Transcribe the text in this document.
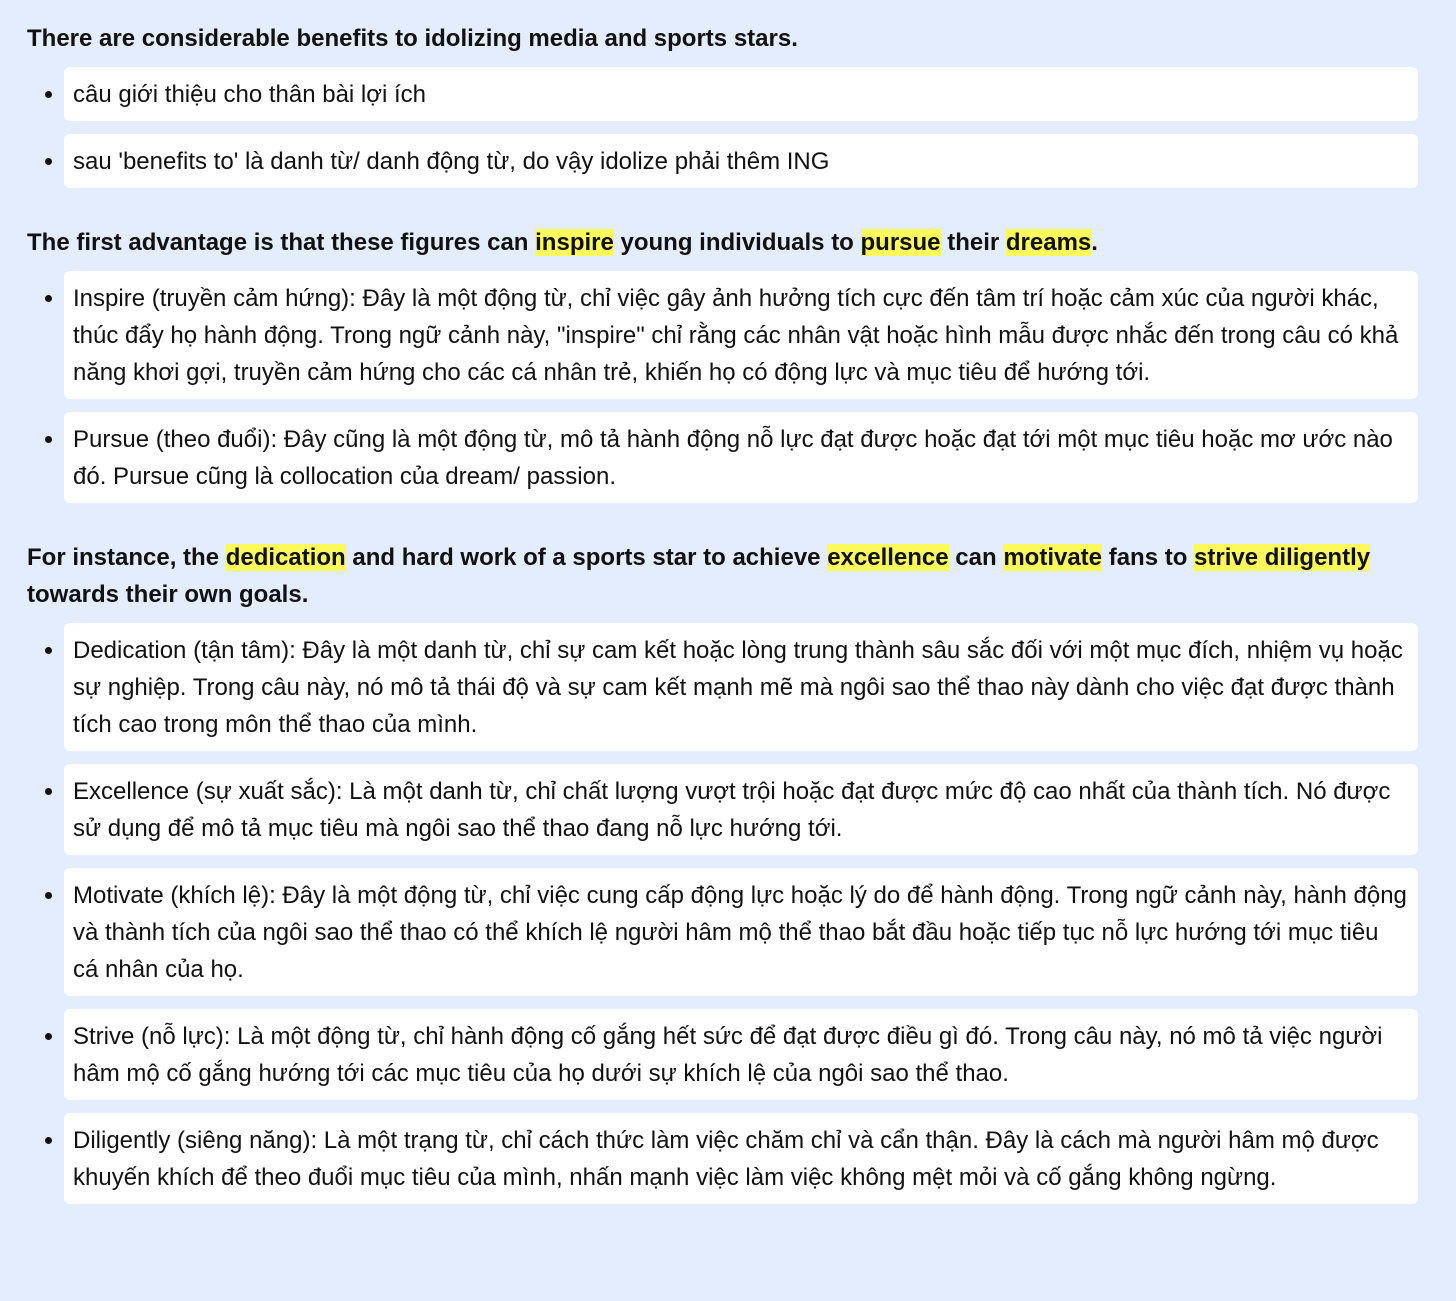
There are considerable benefits to idolizing media and sports stars.

câu giới thiệu cho thân bài lợi ích
sau 'benefits to' là danh từ/ danh động từ, do vậy idolize phải thêm ING

The first advantage is that these figures can inspire young individuals to pursue their dreams.

Inspire (truyền cảm hứng): Đây là một động từ, chỉ việc gây ảnh hưởng tích cực đến tâm trí hoặc cảm xúc của người khác, thúc đẩy họ hành động. Trong ngữ cảnh này, "inspire" chỉ rằng các nhân vật hoặc hình mẫu được nhắc đến trong câu có khả năng khơi gợi, truyền cảm hứng cho các cá nhân trẻ, khiến họ có động lực và mục tiêu để hướng tới.
Pursue (theo đuổi): Đây cũng là một động từ, mô tả hành động nỗ lực đạt được hoặc đạt tới một mục tiêu hoặc mơ ước nào đó. Pursue cũng là collocation của dream/ passion.

For instance, the dedication and hard work of a sports star to achieve excellence can motivate fans to strive diligently towards their own goals.

Dedication (tận tâm): Đây là một danh từ, chỉ sự cam kết hoặc lòng trung thành sâu sắc đối với một mục đích, nhiệm vụ hoặc sự nghiệp. Trong câu này, nó mô tả thái độ và sự cam kết mạnh mẽ mà ngôi sao thể thao này dành cho việc đạt được thành tích cao trong môn thể thao của mình.
Excellence (sự xuất sắc): Là một danh từ, chỉ chất lượng vượt trội hoặc đạt được mức độ cao nhất của thành tích. Nó được sử dụng để mô tả mục tiêu mà ngôi sao thể thao đang nỗ lực hướng tới.
Motivate (khích lệ): Đây là một động từ, chỉ việc cung cấp động lực hoặc lý do để hành động. Trong ngữ cảnh này, hành động và thành tích của ngôi sao thể thao có thể khích lệ người hâm mộ thể thao bắt đầu hoặc tiếp tục nỗ lực hướng tới mục tiêu cá nhân của họ.
Strive (nỗ lực): Là một động từ, chỉ hành động cố gắng hết sức để đạt được điều gì đó. Trong câu này, nó mô tả việc người hâm mộ cố gắng hướng tới các mục tiêu của họ dưới sự khích lệ của ngôi sao thể thao.
Diligently (siêng năng): Là một trạng từ, chỉ cách thức làm việc chăm chỉ và cẩn thận. Đây là cách mà người hâm mộ được khuyến khích để theo đuổi mục tiêu của mình, nhấn mạnh việc làm việc không mệt mỏi và cố gắng không ngừng.
